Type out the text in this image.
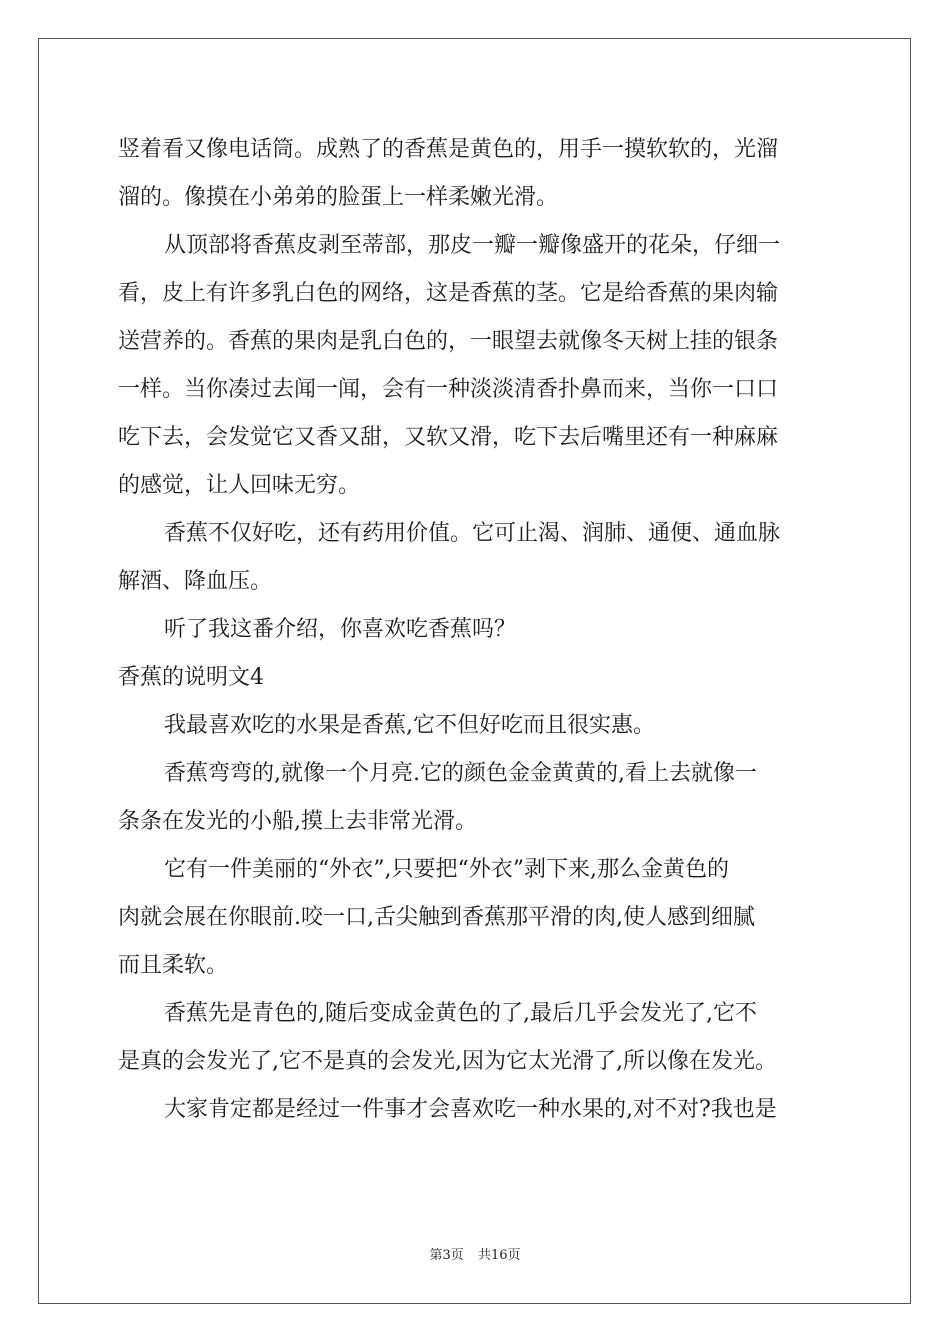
竖着看又像电话筒。成熟了的香蕉是黄色的，用手一摸软软的，光溜
溜的。像摸在小弟弟的脸蛋上一样柔嫩光滑。
从顶部将香蕉皮剥至蒂部，那皮一瓣一瓣像盛开的花朵，仔细一
看，皮上有许多乳白色的网络，这是香蕉的茎。它是给香蕉的果肉输
送营养的。香蕉的果肉是乳白色的，一眼望去就像冬天树上挂的银条
一样。当你凑过去闻一闻，会有一种淡淡清香扑鼻而来，当你一口口
吃下去，会发觉它又香又甜，又软又滑，吃下去后嘴里还有一种麻麻
的感觉，让人回味无穷。
香蕉不仅好吃，还有药用价值。它可止渴、润肺、通便、通血脉
解酒、降血压。
听了我这番介绍，你喜欢吃香蕉吗？
香蕉的说明文4
我最喜欢吃的水果是香蕉,它不但好吃而且很实惠。
香蕉弯弯的,就像一个月亮.它的颜色金金黄黄的,看上去就像一
条条在发光的小船,摸上去非常光滑。
它有一件美丽的“外衣”,只要把“外衣”剥下来,那么金黄色的
肉就会展在你眼前.咬一口,舌尖触到香蕉那平滑的肉,使人感到细腻
而且柔软。
香蕉先是青色的,随后变成金黄色的了,最后几乎会发光了,它不
是真的会发光了,它不是真的会发光,因为它太光滑了,所以像在发光。
大家肯定都是经过一件事才会喜欢吃一种水果的,对不对?我也是
第3页 共16页
